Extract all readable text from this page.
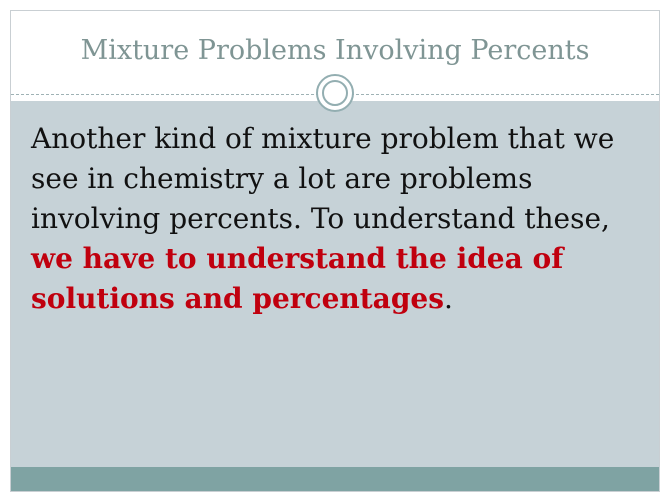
Mixture Problems Involving Percents
Another kind of mixture problem that we
see in chemistry a lot are problems
involving percents. To understand these,
we have to understand the idea of
solutions and percentages.
